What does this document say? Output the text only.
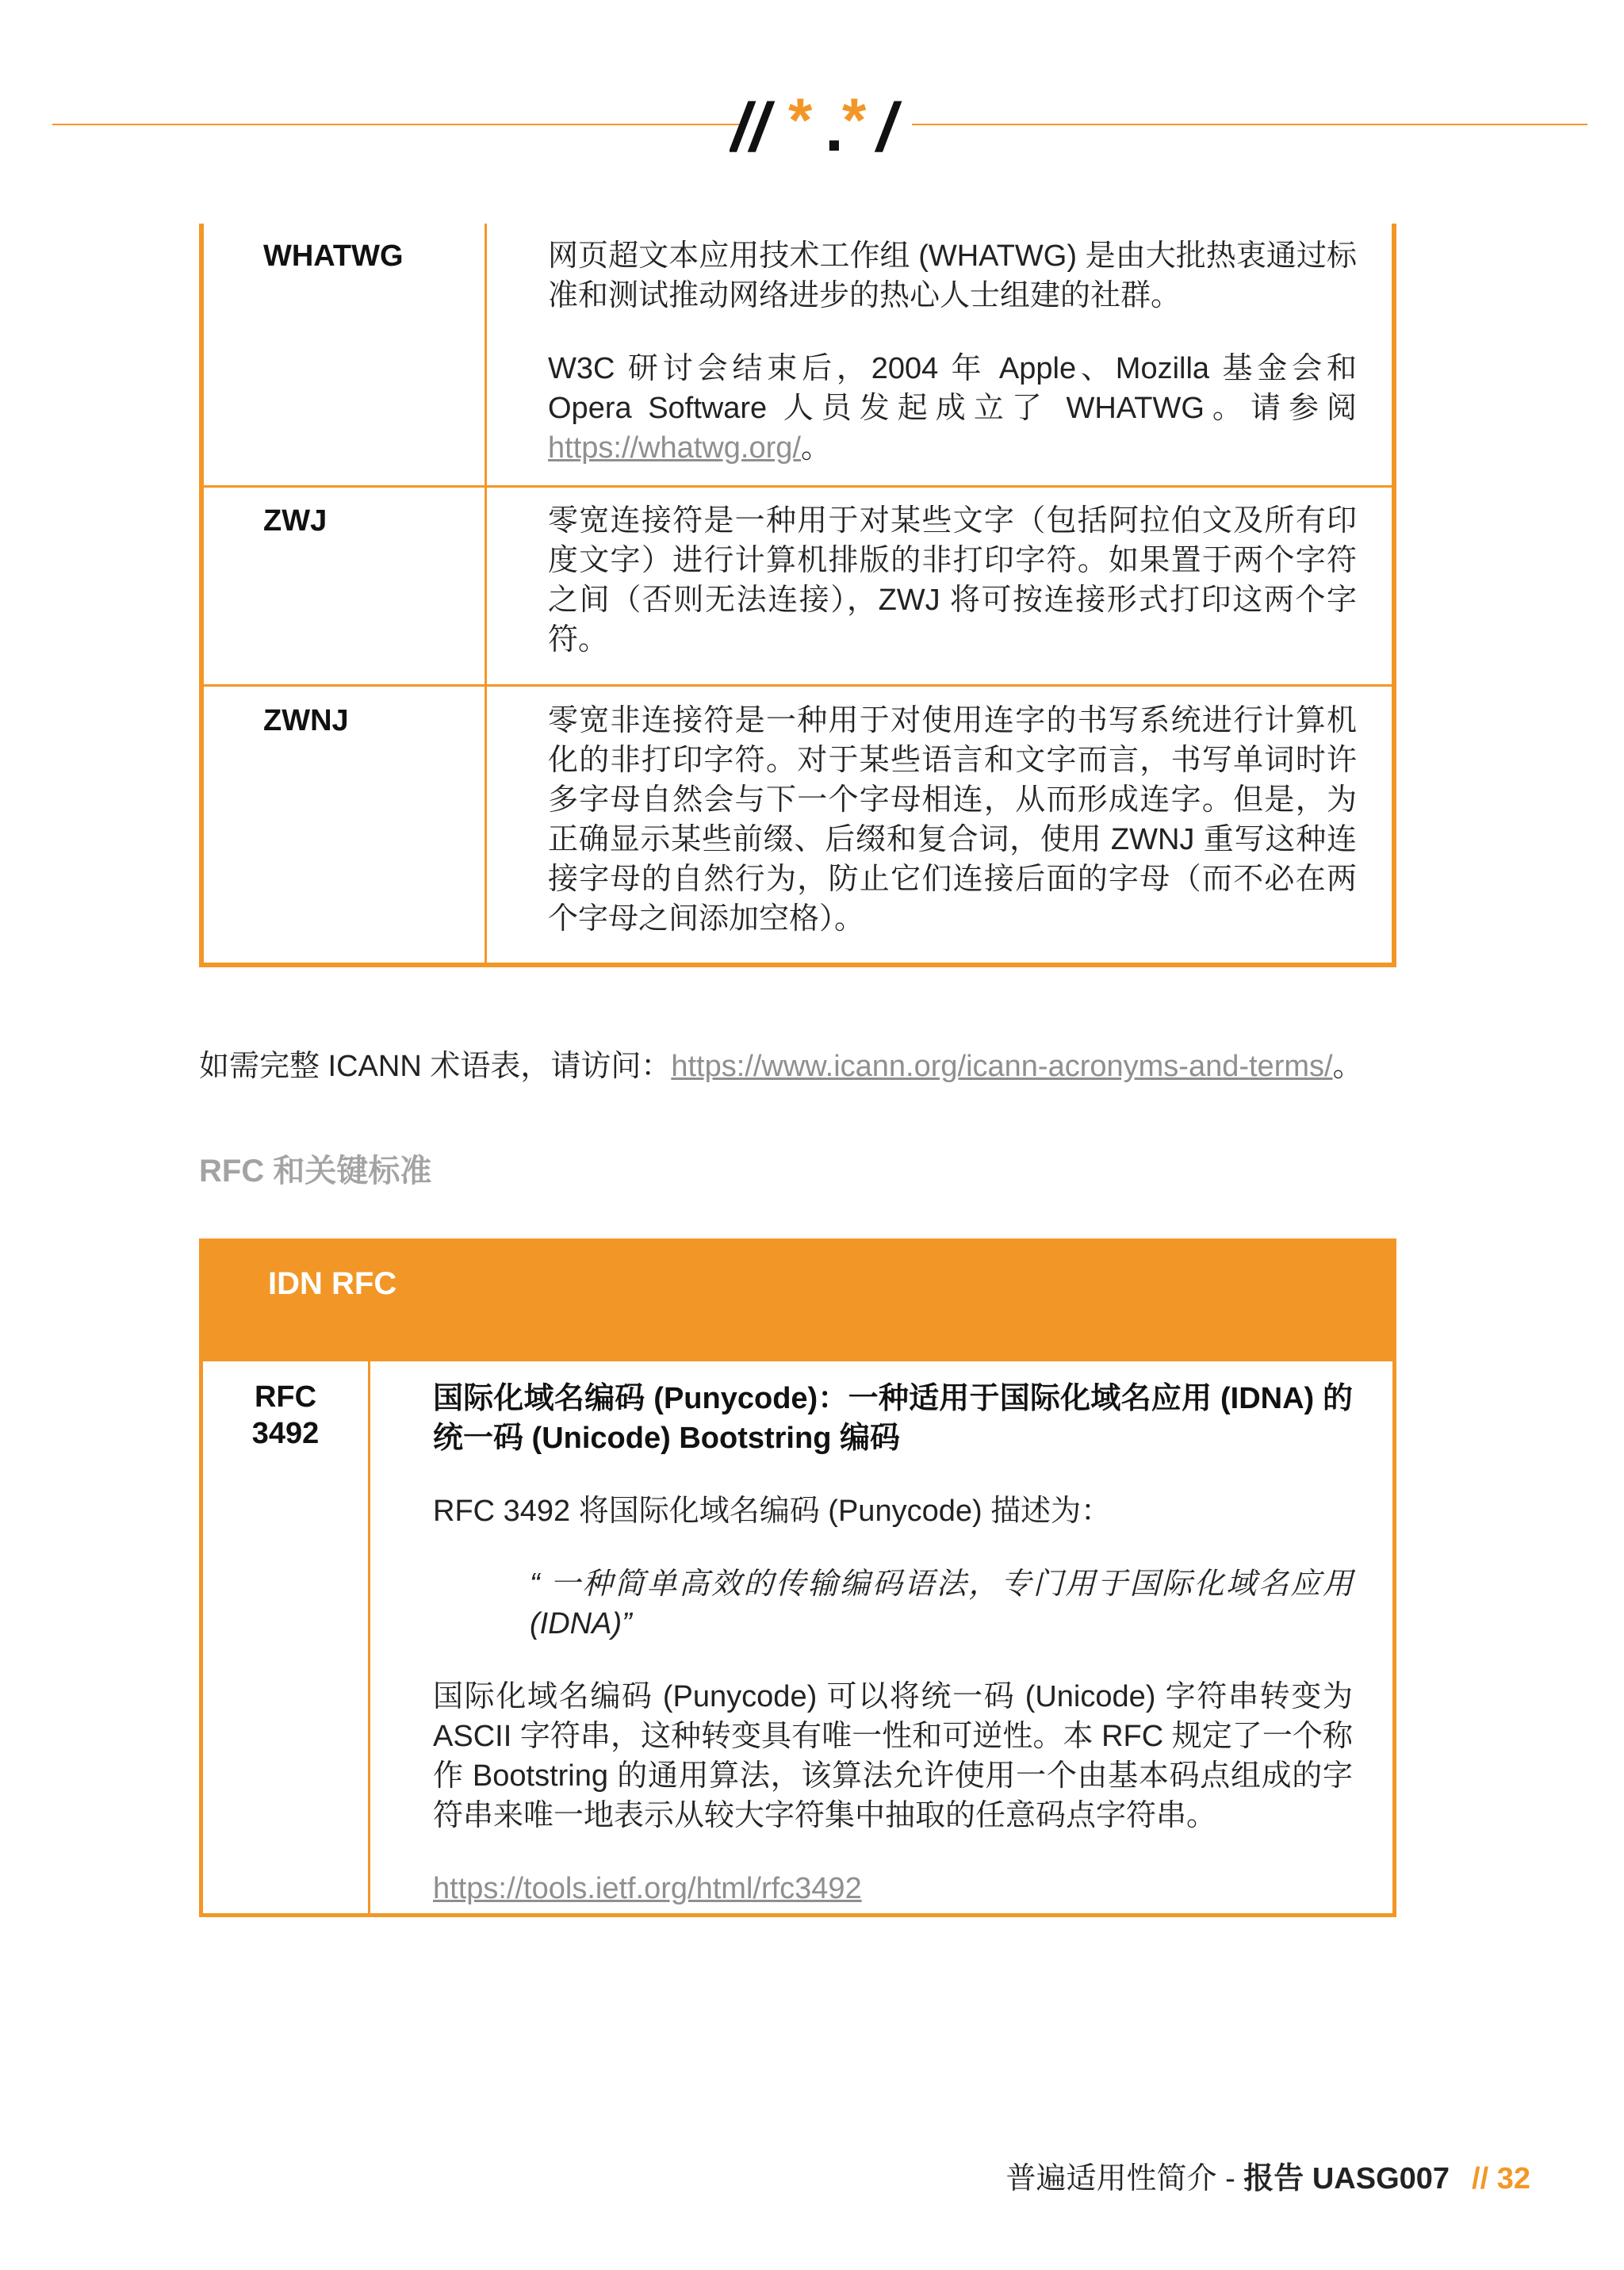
// * .
* /
WHATWG	网页超文本应用技术工作组 (WHATWG) 是由大批热衷通过标准和测试推动网络进步的热心人士组建的社群。

W3C 研讨会结束后，2004 年 Apple、Mozilla 基金会和 Opera Software 人员发起成立了 WHATWG。请参阅 https://whatwg.org/。

ZWJ	零宽连接符是一种用于对某些文字（包括阿拉伯文及所有印度文字）进行计算机排版的非打印字符。如果置于两个字符之间（否则无法连接），ZWJ 将可按连接形式打印这两个字符。

ZWNJ	零宽非连接符是一种用于对使用连字的书写系统进行计算机化的非打印字符。对于某些语言和文字而言，书写单词时许多字母自然会与下一个字母相连，从而形成连字。但是，为正确显示某些前缀、后缀和复合词，使用 ZWNJ 重写这种连接字母的自然行为，防止它们连接后面的字母（而不必在两个字母之间添加空格）。

如需完整 ICANN 术语表，请访问：https://www.icann.org/icann-acronyms-and-terms/。
RFC 和关键标准
IDN RFC
RFC
3492

国际化域名编码 (Punycode)：一种适用于国际化域名应用 (IDNA) 的统一码 (Unicode) Bootstring 编码

RFC 3492 将国际化域名编码 (Punycode) 描述为：

“ 一种简单高效的传输编码语法，专门用于国际化域名应用 (IDNA)”

国际化域名编码 (Punycode) 可以将统一码 (Unicode) 字符串转变为 ASCII 字符串，这种转变具有唯一性和可逆性。本 RFC 规定了一个称作 Bootstring 的通用算法，该算法允许使用一个由基本码点组成的字符串来唯一地表示从较大字符集中抽取的任意码点字符串。

https://tools.ietf.org/html/rfc3492

普遍适用性简介 - 报告 UASG007 // 32
